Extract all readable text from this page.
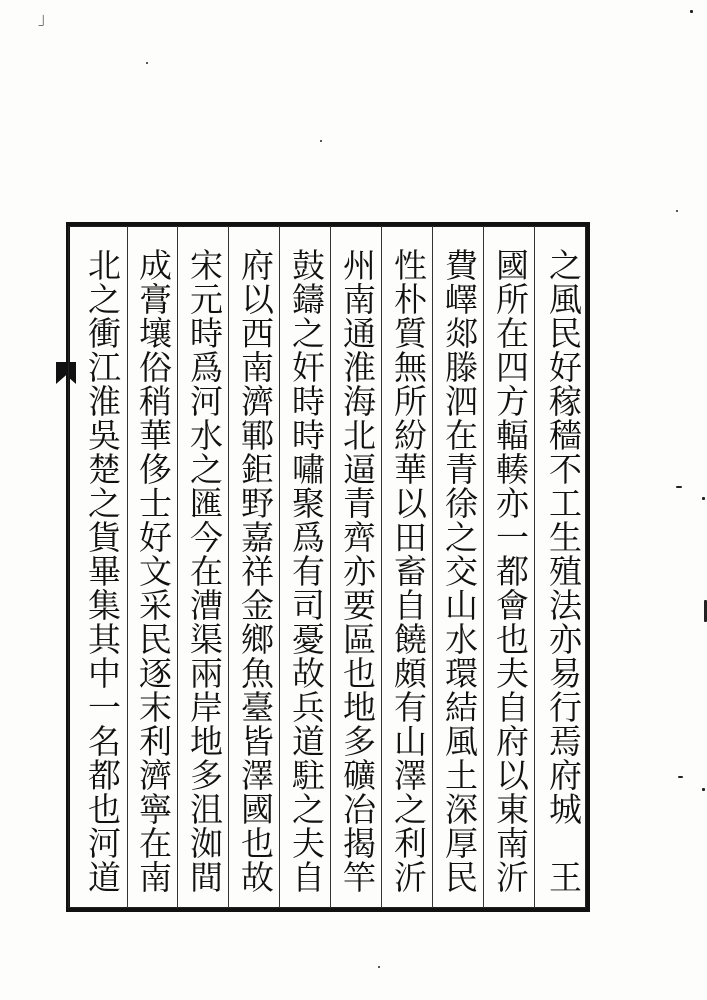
」
之風民好稼穡不工生殖法亦易行焉府城　王
國所在四方輻輳亦一都會也夫自府以東南沂
費嶧郯滕泗在青徐之交山水環結風土深厚民
性朴質無所紛華以田畜自饒頗有山澤之利沂
州南通淮海北逼青齊亦要區也地多礦冶揭竿
鼓鑄之奸時時嘯聚爲有司憂故兵道駐之夫自
府以西南濟鄆鉅野嘉祥金鄉魚臺皆澤國也故
宋元時爲河水之匯今在漕渠兩岸地多沮洳間
成膏壤俗稍華侈士好文采民逐末利濟寧在南
北之衝江淮吳楚之貨畢集其中一名都也河道
